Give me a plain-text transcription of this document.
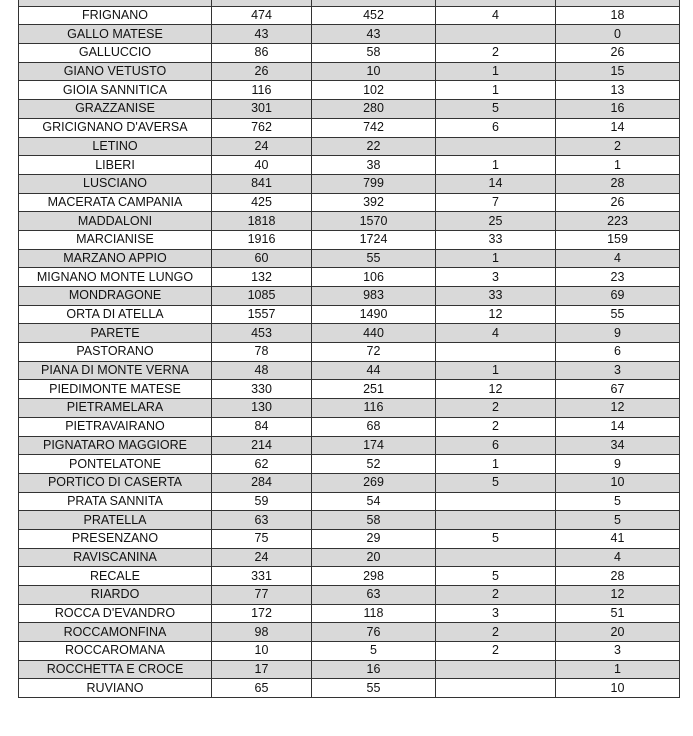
FRIGNANO	474	452	4	18
GALLO MATESE	43	43		0
GALLUCCIO	86	58	2	26
GIANO VETUSTO	26	10	1	15
GIOIA SANNITICA	116	102	1	13
GRAZZANISE	301	280	5	16
GRICIGNANO D'AVERSA	762	742	6	14
LETINO	24	22		2
LIBERI	40	38	1	1
LUSCIANO	841	799	14	28
MACERATA CAMPANIA	425	392	7	26
MADDALONI	1818	1570	25	223
MARCIANISE	1916	1724	33	159
MARZANO APPIO	60	55	1	4
MIGNANO MONTE LUNGO	132	106	3	23
MONDRAGONE	1085	983	33	69
ORTA DI ATELLA	1557	1490	12	55
PARETE	453	440	4	9
PASTORANO	78	72		6
PIANA DI MONTE VERNA	48	44	1	3
PIEDIMONTE MATESE	330	251	12	67
PIETRAMELARA	130	116	2	12
PIETRAVAIRANO	84	68	2	14
PIGNATARO MAGGIORE	214	174	6	34
PONTELATONE	62	52	1	9
PORTICO DI CASERTA	284	269	5	10
PRATA SANNITA	59	54		5
PRATELLA	63	58		5
PRESENZANO	75	29	5	41
RAVISCANINA	24	20		4
RECALE	331	298	5	28
RIARDO	77	63	2	12
ROCCA D'EVANDRO	172	118	3	51
ROCCAMONFINA	98	76	2	20
ROCCAROMANA	10	5	2	3
ROCCHETTA E CROCE	17	16		1
RUVIANO	65	55		10
